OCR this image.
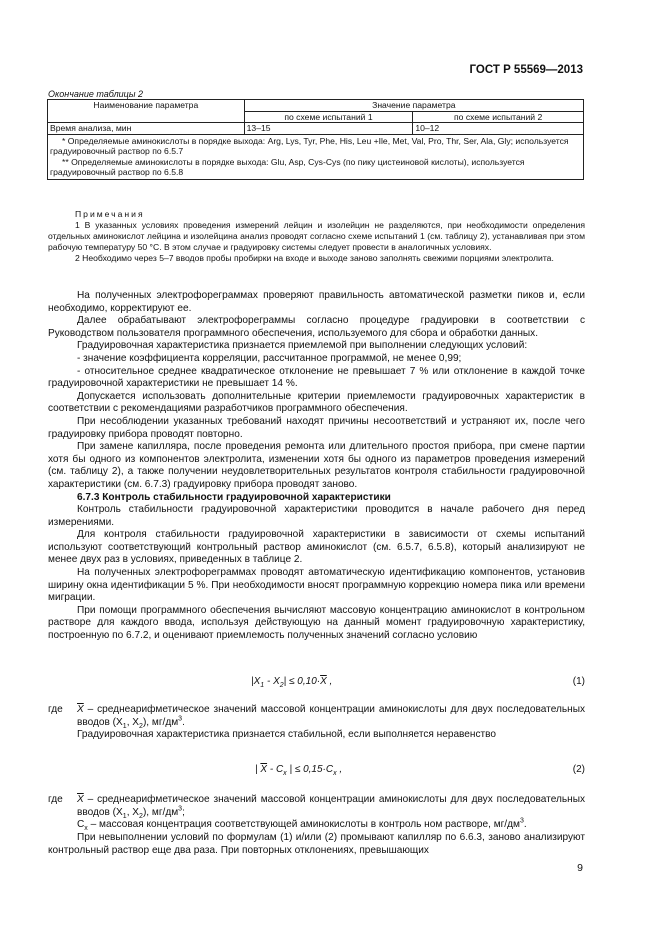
ГОСТ Р 55569—2013
Окончание таблицы 2
Наименование параметра	Значение параметра	
	по схеме испытаний 1	по схеме испытаний 2
Время анализа, мин	13–15	10–12

* Определяемые аминокислоты в порядке выхода: Arg, Lys, Tyr, Phe, His, Leu +Ile, Met, Val, Pro, Thr, Ser, Ala, Gly; используется градуировочный раствор по 6.5.7

** Определяемые аминокислоты в порядке выхода: Glu, Asp, Cys-Cys (по пику цистеиновой кислоты), используется градуировочный раствор по 6.5.8		

Примечания

1 В указанных условиях проведения измерений лейцин и изолейцин не разделяются, при необходимости определения отдельных аминокислот лейцина и изолейцина анализ проводят согласно схеме испытаний 1 (см. таблицу 2), устанавливая при этом рабочую температуру 50 °С. В этом случае и градуировку системы следует провести в аналогичных условиях.

2 Необходимо через 5–7 вводов пробы пробирки на входе и выходе заново заполнять свежими порциями электролита.

На полученных электрофореграммах проверяют правильность автоматической разметки пиков и, если необходимо, корректируют ее.

Далее обрабатывают электрофореграммы согласно процедуре градуировки в соответствии с Руководством пользователя программного обеспечения, используемого для сбора и обработки данных.

Градуировочная характеристика признается приемлемой при выполнении следующих условий:

- значение коэффициента корреляции, рассчитанное программой, не менее 0,99;

- относительное среднее квадратическое отклонение не превышает 7 % или отклонение в каждой точке градуировочной характеристики не превышает 14 %.

Допускается использовать дополнительные критерии приемлемости градуировочных характеристик в соответствии с рекомендациями разработчиков программного обеспечения.

При несоблюдении указанных требований находят причины несоответствий и устраняют их, после чего градуировку прибора проводят повторно.

При замене капилляра, после проведения ремонта или длительного простоя прибора, при смене партии хотя бы одного из компонентов электролита, изменении хотя бы одного из параметров проведения измерений (см. таблицу 2), а также получении неудовлетворительных результатов контроля стабильности градуировочной характеристики (см. 6.7.3) градуировку прибора проводят заново.

6.7.3 Контроль стабильности градуировочной характеристики

Контроль стабильности градуировочной характеристики проводится в начале рабочего дня перед измерениями.

Для контроля стабильности градуировочной характеристики в зависимости от схемы испытаний используют соответствующий контрольный раствор аминокислот (см. 6.5.7, 6.5.8), который анализируют не менее двух раз в условиях, приведенных в таблице 2.

На полученных электрофореграммах проводят автоматическую идентификацию компонентов, установив ширину окна идентификации 5 %. При необходимости вносят программную коррекцию номера пика или времени миграции.

При помощи программного обеспечения вычисляют массовую концентрацию аминокислот в контрольном растворе для каждого ввода, используя действующую на данный момент градуировочную характеристику, построенную по 6.7.2, и оценивают приемлемость полученных значений согласно условию

$|X_1 - X_2| \le 0,10\cdot\overline{X}$ ,	(1)
где $\overline{X}$ – среднеарифметическое значений массовой концентрации аминокислоты для двух последовательных вводов ($X_1$, $X_2$), $мг/дм^3$.

Градуировочная характеристика признается стабильной, если выполняется неравенство

| $\overline{X} - C_x$ | ≤ $0,15\cdot C_x$ ,	(2)
где $\overline{X}$ – среднеарифметическое значений массовой концентрации аминокислоты для двух последовательных вводов ($X_1$, $X_2$), $мг/дм^3$;

$C_x$ – массовая концентрация соответствующей аминокислоты в контроль ном растворе, $мг/дм^3$.

При невыполнении условий по формулам (1) и/или (2) промывают капилляр по 6.6.3, заново анализируют контрольный раствор еще два раза. При повторных отклонениях, превышающих

9
